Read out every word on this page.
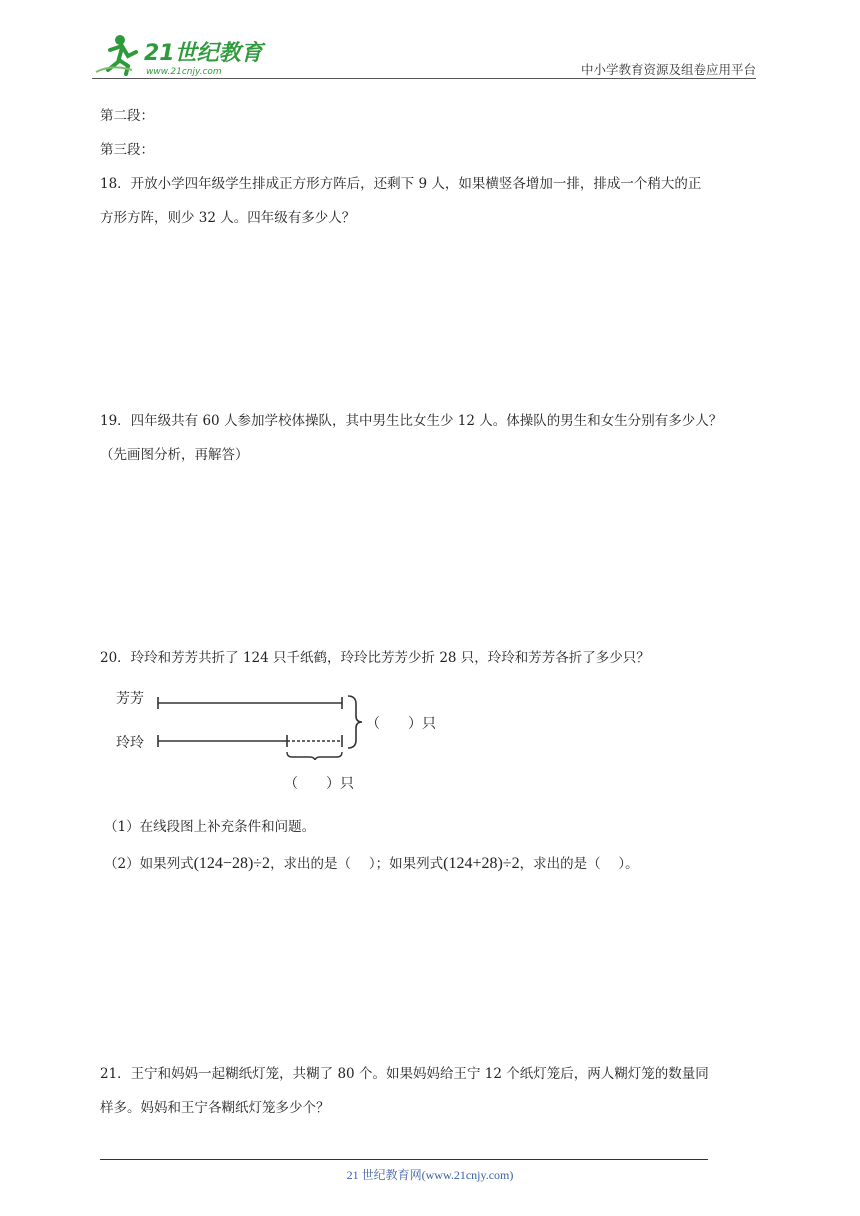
21世纪教育
www.21cnjy.com	中小学教育资源及组卷应用平台
第二段：
第三段：
18．开放小学四年级学生排成正方形方阵后，还剩下 9 人，如果横竖各增加一排，排成一个稍大的正
方形方阵，则少 32 人。四年级有多少人？
19．四年级共有 60 人参加学校体操队，其中男生比女生少 12 人。体操队的男生和女生分别有多少人？
（先画图分析，再解答）
20．玲玲和芳芳共折了 124 只千纸鹤，玲玲比芳芳少折 28 只，玲玲和芳芳各折了多少只？
芳芳
玲玲
（　　）只
（　　）只
（1）在线段图上补充条件和问题。
（2）如果列式(124−28)÷2，求出的是（　 ）；如果列式(124+28)÷2，求出的是（　 ）。
21．王宁和妈妈一起糊纸灯笼，共糊了 80 个。如果妈妈给王宁 12 个纸灯笼后，两人糊灯笼的数量同
样多。妈妈和王宁各糊纸灯笼多少个？
21 世纪教育网(www.21cnjy.com)
